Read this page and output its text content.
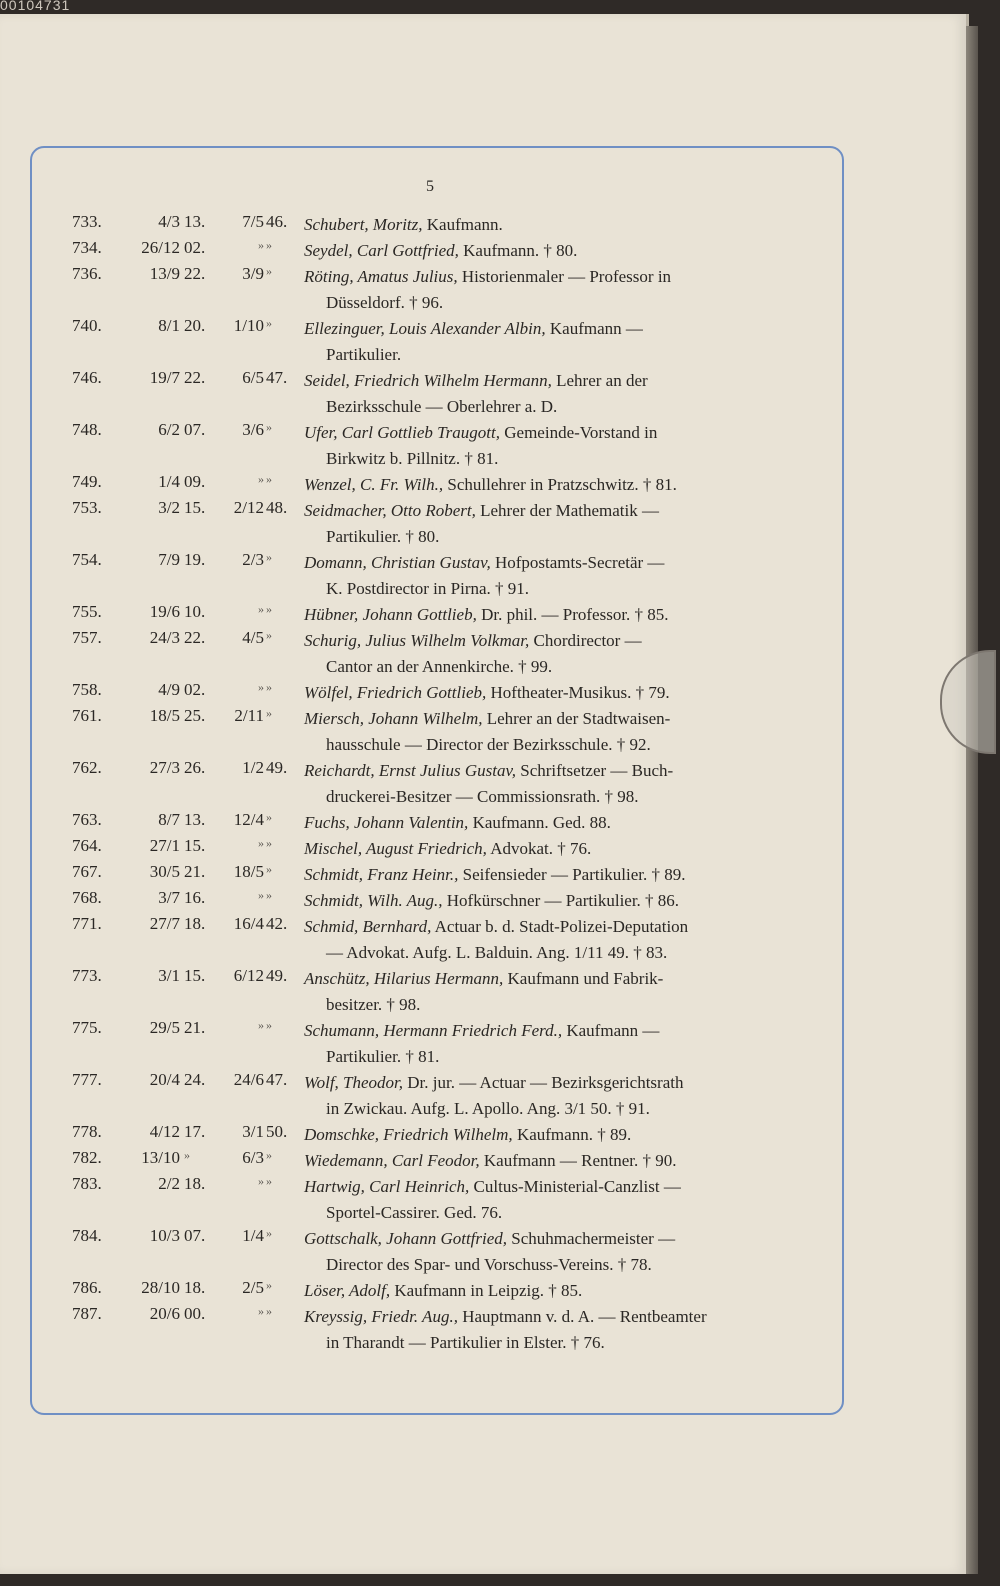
00104731
5
733.	4/3 13.	7/5 46. Schubert, Moritz, Kaufmann.
734.	26/12 02.	» »	Seydel, Carl Gottfried, Kaufmann. † 80.
736.	13/9 22.	3/9 »	Röting, Amatus Julius, Historienmaler — Professor in
Düsseldorf. † 96.
740.	8/1 20.	1/10 »	Ellezinguer, Louis Alexander Albin, Kaufmann —
Partikulier.
746.	19/7 22.	6/5 47. Seidel, Friedrich Wilhelm Hermann, Lehrer an der
Bezirksschule — Oberlehrer a. D.
748.	6/2 07.	3/6 »	Ufer, Carl Gottlieb Traugott, Gemeinde-Vorstand in
Birkwitz b. Pillnitz. † 81.
749.	1/4 09.	» »	Wenzel, C. Fr. Wilh., Schullehrer in Pratzschwitz. † 81.
753.	3/2 15.	2/12 48. Seidmacher, Otto Robert, Lehrer der Mathematik —
Partikulier. † 80.
754.	7/9 19.	2/3 »	Domann, Christian Gustav, Hofpostamts-Secretär —
K. Postdirector in Pirna. † 91.
755.	19/6 10.	» »	Hübner, Johann Gottlieb, Dr. phil. — Professor. † 85.
757.	24/3 22.	4/5 »	Schurig, Julius Wilhelm Volkmar, Chordirector —
Cantor an der Annenkirche. † 99.
758.	4/9 02.	» »	Wölfel, Friedrich Gottlieb, Hoftheater-Musikus. † 79.
761.	18/5 25.	2/11 »	Miersch, Johann Wilhelm, Lehrer an der Stadtwaisen-
hausschule — Director der Bezirksschule. † 92.
762.	27/3 26.	1/2 49. Reichardt, Ernst Julius Gustav, Schriftsetzer — Buch-
druckerei-Besitzer — Commissionsrath. † 98.
763.	8/7 13.	12/4 »	Fuchs, Johann Valentin, Kaufmann. Ged. 88.
764.	27/1 15.	» »	Mischel, August Friedrich, Advokat. † 76.
767.	30/5 21.	18/5 »	Schmidt, Franz Heinr., Seifensieder — Partikulier. † 89.
768.	3/7 16.	» »	Schmidt, Wilh. Aug., Hofkürschner — Partikulier. † 86.
771.	27/7 18.	16/4 42. Schmid, Bernhard, Actuar b. d. Stadt-Polizei-Deputation
— Advokat. Aufg. L. Balduin. Ang. 1/11 49. † 83.
773.	3/1 15.	6/12 49. Anschütz, Hilarius Hermann, Kaufmann und Fabrik-
besitzer. † 98.
775.	29/5 21.	» »	Schumann, Hermann Friedrich Ferd., Kaufmann —
Partikulier. † 81.
777.	20/4 24.	24/6 47. Wolf, Theodor, Dr. jur. — Actuar — Bezirksgerichtsrath
in Zwickau. Aufg. L. Apollo. Ang. 3/1 50. † 91.
778.	4/12 17.	3/1 50. Domschke, Friedrich Wilhelm, Kaufmann. † 89.
782.	13/10 »	6/3 »	Wiedemann, Carl Feodor, Kaufmann — Rentner. † 90.
783.	2/2 18.	» »	Hartwig, Carl Heinrich, Cultus-Ministerial-Canzlist —
Sportel-Cassirer. Ged. 76.
784.	10/3 07.	1/4 »	Gottschalk, Johann Gottfried, Schuhmachermeister —
Director des Spar- und Vorschuss-Vereins. † 78.
786.	28/10 18.	2/5 »	Löser, Adolf, Kaufmann in Leipzig. † 85.
787.	20/6 00.	» »	Kreyssig, Friedr. Aug., Hauptmann v. d. A. — Rentbeamter
in Tharandt — Partikulier in Elster. † 76.
